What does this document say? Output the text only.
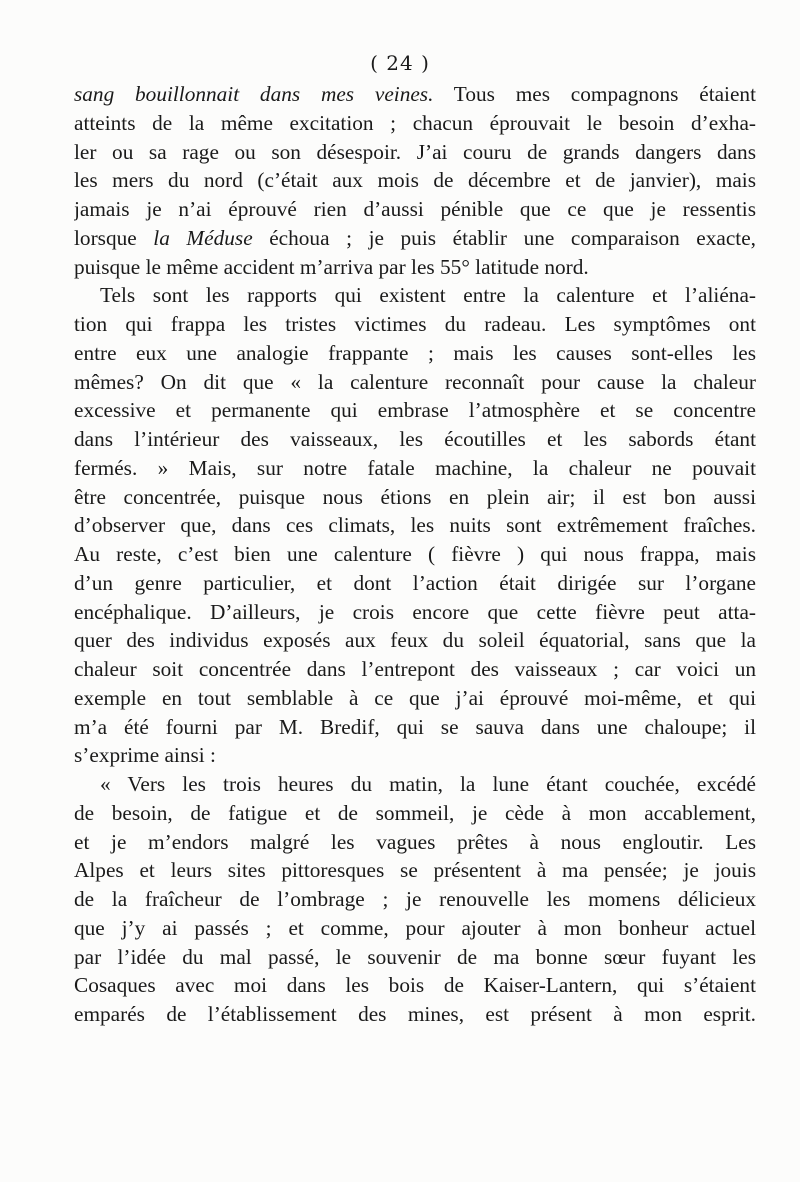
( 24 )
sang bouillonnait dans mes veines. Tous mes compagnons étaient
atteints de la même excitation ; chacun éprouvait le besoin d’exha-
ler ou sa rage ou son désespoir. J’ai couru de grands dangers dans
les mers du nord (c’était aux mois de décembre et de janvier), mais
jamais je n’ai éprouvé rien d’aussi pénible que ce que je ressentis
lorsque la Méduse échoua ; je puis établir une comparaison exacte,
puisque le même accident m’arriva par les 55° latitude nord.
Tels sont les rapports qui existent entre la calenture et l’aliéna-
tion qui frappa les tristes victimes du radeau. Les symptômes ont
entre eux une analogie frappante ; mais les causes sont-elles les
mêmes? On dit que « la calenture reconnaît pour cause la chaleur
excessive et permanente qui embrase l’atmosphère et se concentre
dans l’intérieur des vaisseaux, les écoutilles et les sabords étant
fermés. » Mais, sur notre fatale machine, la chaleur ne pouvait
être concentrée, puisque nous étions en plein air; il est bon aussi
d’observer que, dans ces climats, les nuits sont extrêmement fraîches.
Au reste, c’est bien une calenture ( fièvre ) qui nous frappa, mais
d’un genre particulier, et dont l’action était dirigée sur l’organe
encéphalique. D’ailleurs, je crois encore que cette fièvre peut atta-
quer des individus exposés aux feux du soleil équatorial, sans que la
chaleur soit concentrée dans l’entrepont des vaisseaux ; car voici un
exemple en tout semblable à ce que j’ai éprouvé moi-même, et qui
m’a été fourni par M. Bredif, qui se sauva dans une chaloupe; il
s’exprime ainsi :
« Vers les trois heures du matin, la lune étant couchée, excédé
de besoin, de fatigue et de sommeil, je cède à mon accablement,
et je m’endors malgré les vagues prêtes à nous engloutir. Les
Alpes et leurs sites pittoresques se présentent à ma pensée; je jouis
de la fraîcheur de l’ombrage ; je renouvelle les momens délicieux
que j’y ai passés ; et comme, pour ajouter à mon bonheur actuel
par l’idée du mal passé, le souvenir de ma bonne sœur fuyant les
Cosaques avec moi dans les bois de Kaiser-Lantern, qui s’étaient
emparés de l’établissement des mines, est présent à mon esprit.
